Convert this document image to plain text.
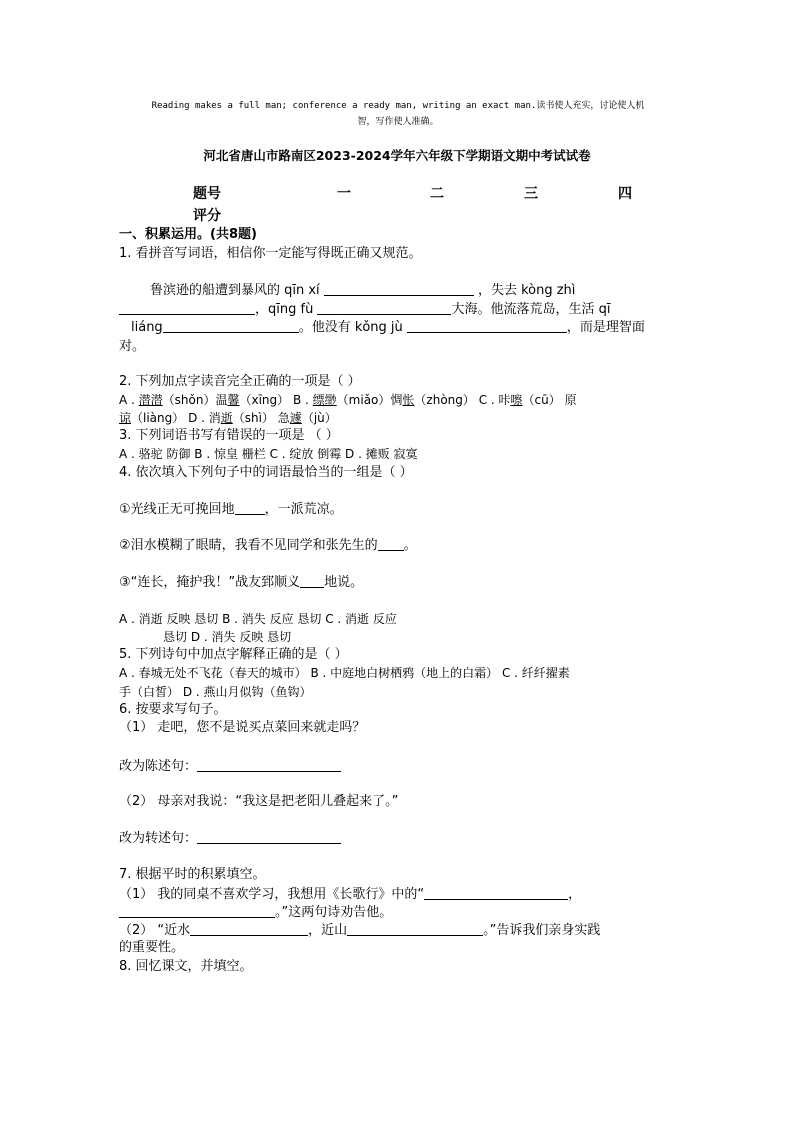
Reading makes a full man; conference a ready man, writing an exact man.读书使人充实，讨论使人机
智，写作使人准确。
河北省唐山市路南区2023-2024学年六年级下学期语文期中考试试卷
题号	一	二	三	四
评分
一、积累运用。(共8题)
1. 看拼音写词语，相信你一定能写得既正确又规范。
鲁滨逊的船遭到暴风的 qīn xí	，失去 kòng zhì
，qīng fù	大海。他流落荒岛，生活 qī
liáng	。他没有 kǒng jù	，而是理智面
对。
2. 下列加点字读音完全正确的一项是（ ）
A . 潜潜（shǒn）温馨（xīng） B . 缥缈（miǎo）惆怅（zhòng） C . 咔嚓（cū） 原
谅（liàng） D . 消逝（shì） 急遽（jù）
3. 下列词语书写有错误的一项是 （ ）
A . 骆驼 防御 B . 惊皇 栅栏 C . 绽放 倒霉 D . 摊贩 寂寞
4. 依次填入下列句子中的词语最恰当的一组是（ ）
①光线正无可挽回地 ，一派荒凉。
②泪水模糊了眼睛，我看不见同学和张先生的 。
③“连长，掩护我！”战友郅顺义 地说。
A . 消逝 反映 恳切 B . 消失 反应 恳切 C . 消逝 反应
恳切 D . 消失 反映 恳切
5. 下列诗句中加点字解释正确的是（ ）
A . 春城无处不飞花（春天的城市） B . 中庭地白树栖鸦（地上的白霜） C . 纤纤擢素
手（白皙） D . 燕山月似钩（鱼钩）
6. 按要求写句子。
（1） 走吧，您不是说买点菜回来就走吗？
改为陈述句：
（2） 母亲对我说：“我这是把老阳儿叠起来了。”
改为转述句：
7. 根据平时的积累填空。
（1） 我的同桌不喜欢学习，我想用《长歌行》中的“	，
。”这两句诗劝告他。
（2） “近水	，近山	。”告诉我们亲身实践
的重要性。
8. 回忆课文，并填空。
